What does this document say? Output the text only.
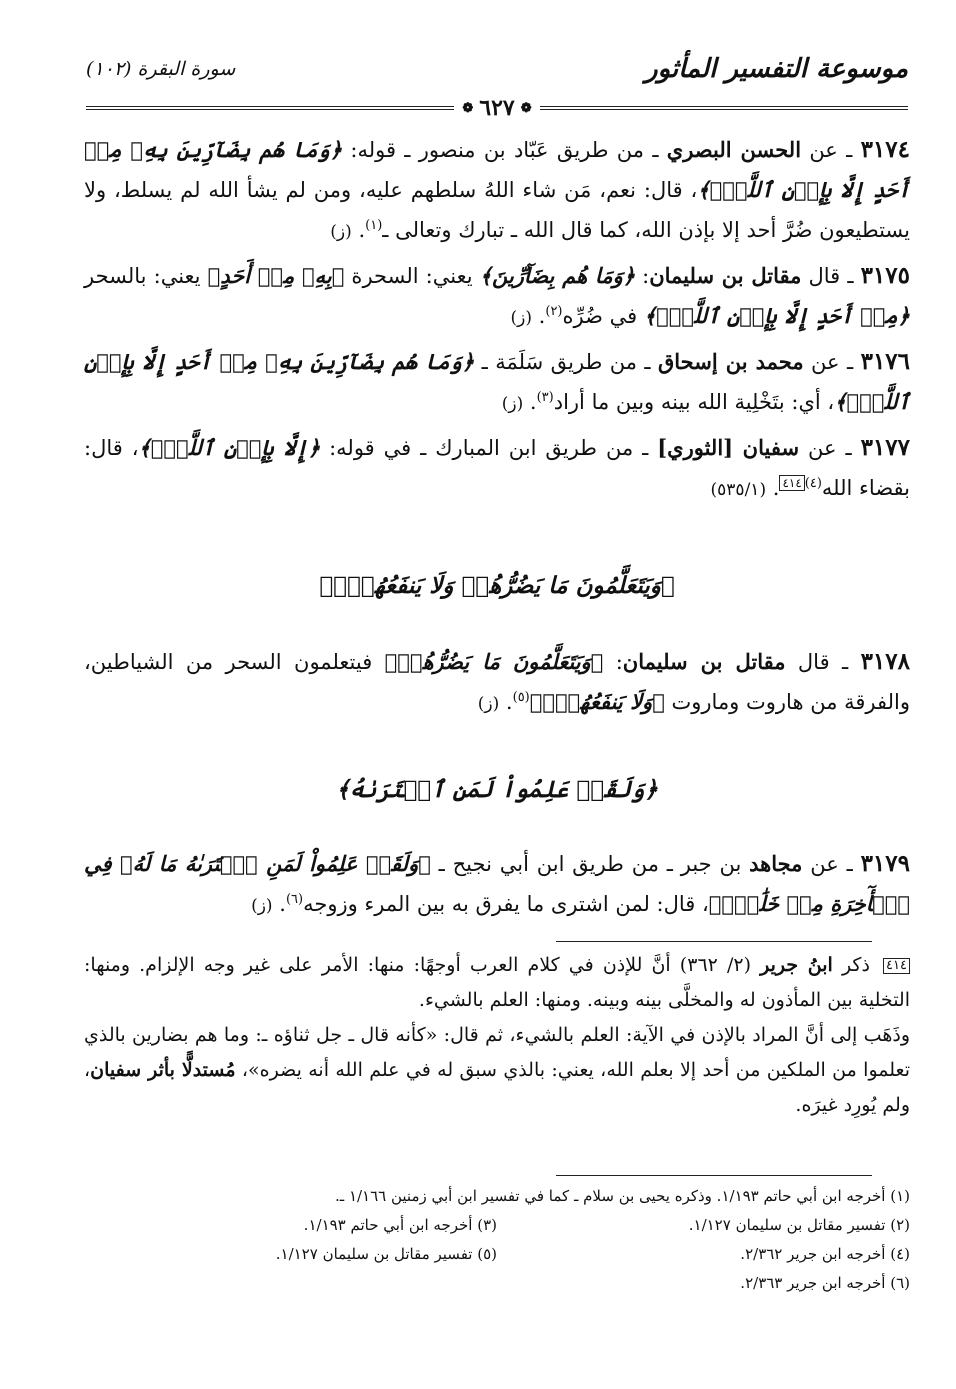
موسوعة التفسير المأثور
سورة البقرة (١٠٢)
❁
٦٢٧
❁

٣١٧٤ ـ عن الحسن البصري ـ من طريق عَبّاد بن منصور ـ قوله: ﴿وَمَا هُم بِضَآرِّينَ بِهِۦ مِنۡ أَحَدٍ إِلَّا بِإِذۡنِ ٱللَّهِۚ﴾، قال: نعم، مَن شاء اللهُ سلطهم عليه، ومن لم يشأ الله لم يسلط، ولا يستطيعون ضُرَّ أحد إلا بإذن الله، كما قال الله ـ تبارك وتعالى ـ$^{(١)}$. (ز)

٣١٧٥ ـ قال مقاتل بن سليمان: ﴿وَمَا هُم بِضَآرِّينَ﴾ يعني: السحرة ﴿بِهِۦ مِنۡ أَحَدٍ﴾ يعني: بالسحر ﴿مِنۡ أَحَدٍ إِلَّا بِإِذۡنِ ٱللَّهِۚ﴾ في ضُرِّه$^{(٢)}$. (ز)

٣١٧٦ ـ عن محمد بن إسحاق ـ من طريق سَلَمَة ـ ﴿وَمَا هُم بِضَآرِّينَ بِهِۦ مِنۡ أَحَدٍ إِلَّا بِإِذۡنِ ٱللَّهِۚ﴾، أي: بتَخْلِية الله بينه وبين ما أراد$^{(٣)}$. (ز)

٣١٧٧ ـ عن سفيان [الثوري] ـ من طريق ابن المبارك ـ في قوله: ﴿إِلَّا بِإِذۡنِ ٱللَّهِۚ﴾، قال: بقضاء الله$^{(٤)}$٤١٤. (٥٣٥/١)

﴿وَيَتَعَلَّمُونَ مَا يَضُرُّهُمۡ وَلَا يَنفَعُهُمۡۚ﴾

٣١٧٨ ـ قال مقاتل بن سليمان: ﴿وَيَتَعَلَّمُونَ مَا يَضُرُّهُمۡ﴾ فيتعلمون السحر من الشياطين، والفرقة من هاروت وماروت ﴿وَلَا يَنفَعُهُمۡۚ﴾$^{(٥)}$. (ز)

﴿وَلَقَدۡ عَلِمُواْ لَمَنِ ٱشۡتَرَىٰهُ﴾

٣١٧٩ ـ عن مجاهد بن جبر ـ من طريق ابن أبي نجيح ـ ﴿وَلَقَدۡ عَلِمُواْ لَمَنِ ٱشۡتَرَىٰهُ مَا لَهُۥ فِي ٱلۡأٓخِرَةِ مِنۡ خَلَٰقٖۚ﴾، قال: لمن اشترى ما يفرق به بين المرء وزوجه$^{(٦)}$. (ز)

٤١٤ ذكر ابنُ جرير (٢/ ٣٦٢) أنَّ للإذن في كلام العرب أوجهًا: منها: الأمر على غير وجه الإلزام. ومنها: التخلية بين المأذون له والمخلَّى بينه وبينه. ومنها: العلم بالشيء.
وذَهَب إلى أنَّ المراد بالإذن في الآية: العلم بالشيء، ثم قال: «كأنه قال ـ جل ثناؤه ـ: وما هم بضارين بالذي تعلموا من الملكين من أحد إلا بعلم الله، يعني: بالذي سبق له في علم الله أنه يضره»، مُستدلًّا بأثر سفيان، ولم يُورِد غيرَه.
(١) أخرجه ابن أبي حاتم ١/١٩٣. وذكره يحيى بن سلام ـ كما في تفسير ابن أبي زمنين ١/١٦٦ ـ.
(٢) تفسير مقاتل بن سليمان ١/١٢٧.
(٣) أخرجه ابن أبي حاتم ١/١٩٣.
(٤) أخرجه ابن جرير ٢/٣٦٢.
(٥) تفسير مقاتل بن سليمان ١/١٢٧.
(٦) أخرجه ابن جرير ٢/٣٦٣.
